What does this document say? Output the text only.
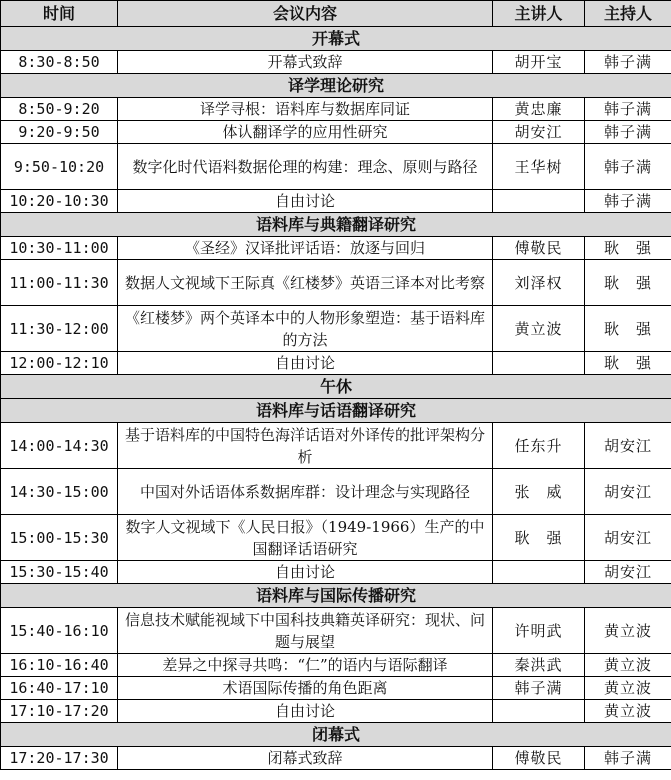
时间	会议内容	主讲人	主持人
开幕式			
8:30-8:50	开幕式致辞	胡开宝	韩子满
译学理论研究			
8:50-9:20	译学寻根：语料库与数据库同证	黄忠廉	韩子满
9:20-9:50	体认翻译学的应用性研究	胡安江	韩子满
9:50-10:20	数字化时代语料数据伦理的构建：理念、原则与路径	王华树	韩子满
10:20-10:30	自由讨论		韩子满
语料库与典籍翻译研究			
10:30-11:00	《圣经》汉译批评话语：放逐与回归	傅敬民	耿　强
11:00-11:30	数据人文视域下王际真《红楼梦》英语三译本对比考察	刘泽权	耿　强
11:30-12:00	《红楼梦》两个英译本中的人物形象塑造：基于语料库的方法	黄立波	耿　强
12:00-12:10	自由讨论		耿　强
午休			
语料库与话语翻译研究			
14:00-14:30	基于语料库的中国特色海洋话语对外译传的批评架构分析	任东升	胡安江
14:30-15:00	中国对外话语体系数据库群：设计理念与实现路径	张　威	胡安江
15:00-15:30	数字人文视域下《人民日报》（1949-1966）生产的中国翻译话语研究	耿　强	胡安江
15:30-15:40	自由讨论		胡安江
语料库与国际传播研究			
15:40-16:10	信息技术赋能视域下中国科技典籍英译研究：现状、问题与展望	许明武	黄立波
16:10-16:40	差异之中探寻共鸣：“仁”的语内与语际翻译	秦洪武	黄立波
16:40-17:10	术语国际传播的角色距离	韩子满	黄立波
17:10-17:20	自由讨论		黄立波
闭幕式			
17:20-17:30	闭幕式致辞	傅敬民	韩子满
